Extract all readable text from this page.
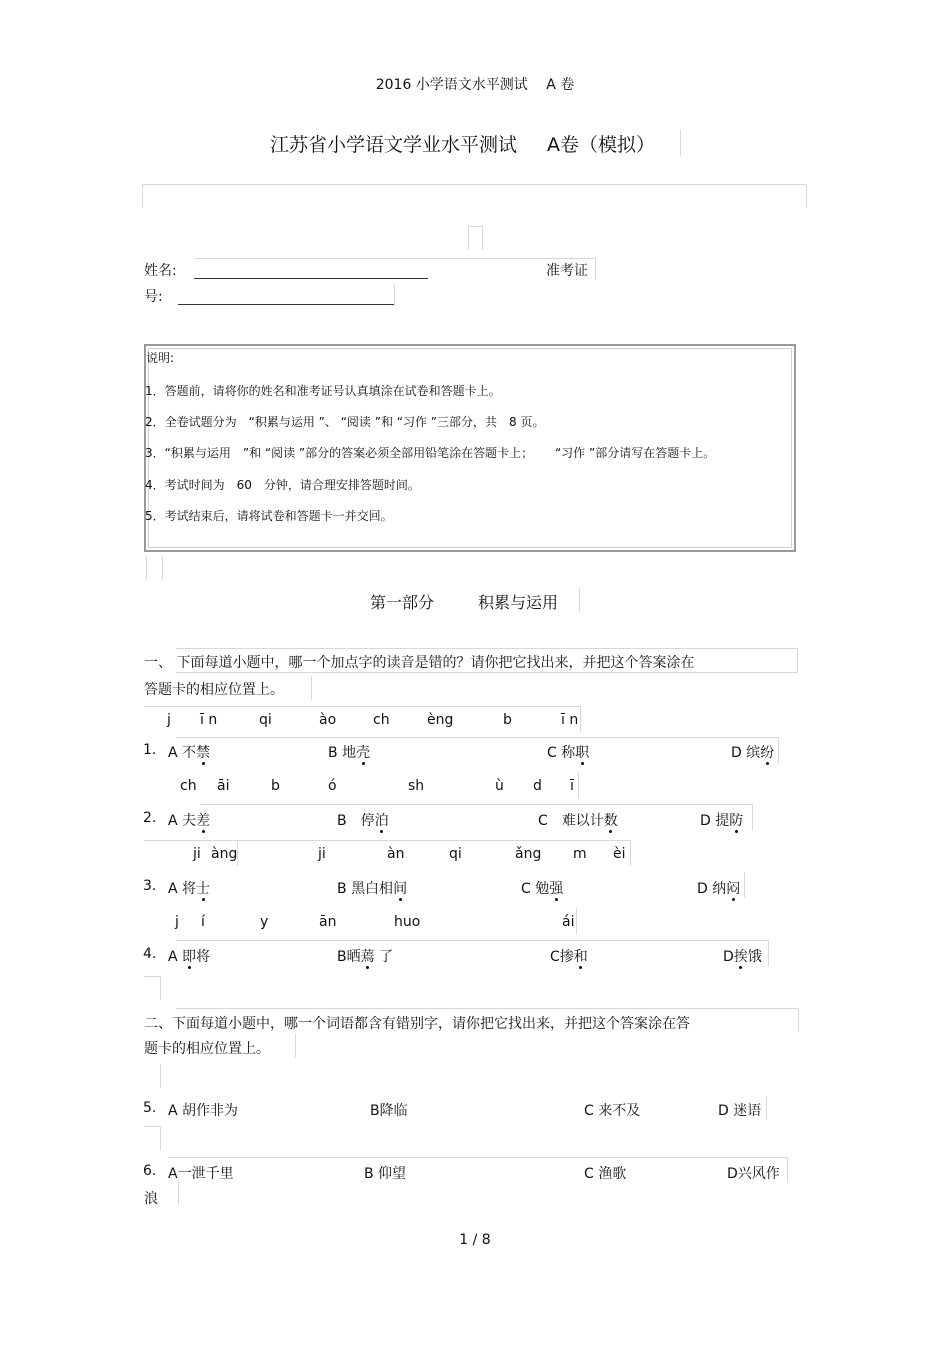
2016 小学语文水平测试　 A 卷
江苏省小学语文学业水平测试 A卷（模拟）
姓名:	准考证
号:
说明:
1．答题前，请将你的姓名和准考证号认真填涂在试卷和答题卡上。
2．全卷试题分为　“积累与运用 ”、 “阅读 ”和 “习作 ”三部分，共　8 页。
3．“积累与运用　”和 “阅读 ”部分的答案必须全部用铅笔涂在答题卡上；　　 “习作 ”部分请写在答题卡上。
4．考试时间为　60　分钟，请合理安排答题时间。
5．考试结束后，请将试卷和答题卡一并交回。
第一部分	积累与运用
一、 下面每道小题中，哪一个加点字的读音是错的？请你把它找出来，并把这个答案涂在
答题卡的相应位置上。
j ī n	qi	ào	ch	èng	b	ī n
1. A 不禁	B 地壳	C 称职	D 缤纷
ch āi	b	ó	sh	ù d ī
2. A 夫差	B　 停泊	C　 难以计数	D 提防
ji àng	ji	àn	qi	ǎng m èi
3. A 将士	B 黑白相间	C 勉强	D 纳闷
j í	y	ān	huo	ái
4. A 即将	B晒蔫 了	C掺和	D挨饿
二、下面每道小题中，哪一个词语都含有错别字，请你把它找出来，并把这个答案涂在答
题卡的相应位置上。
5. A 胡作非为	B降临	C 来不及	D 迷语
6. A一泄千里	B 仰望	C 渔歌	D兴风作
浪
1 / 8
